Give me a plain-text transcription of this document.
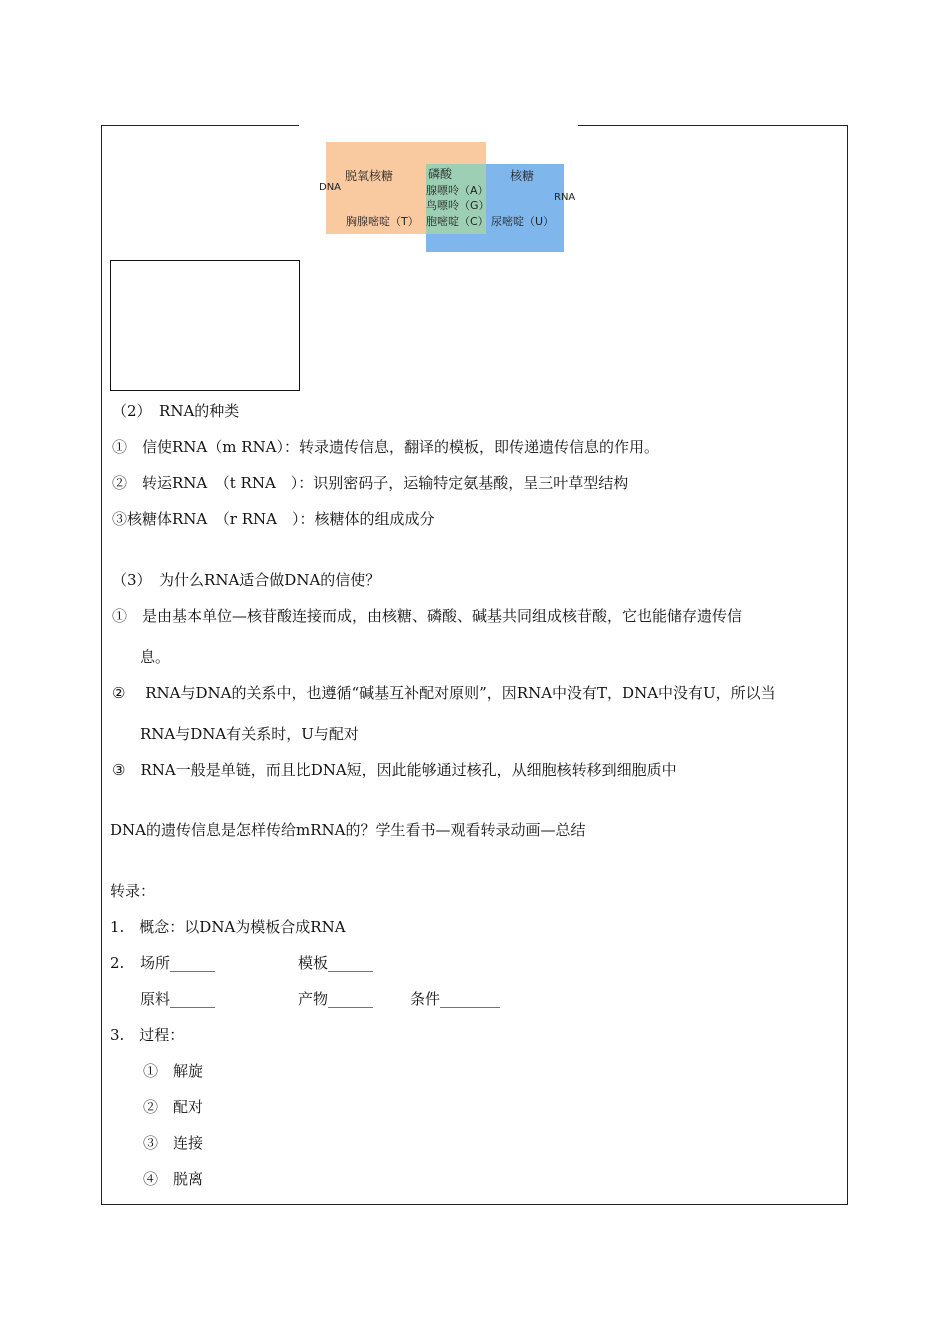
DNA
脱氧核糖	磷酸	核糖
腺嘌呤（A）
鸟嘌呤（G）
RNA
胸腺嘧啶（T） 胞嘧啶（C） 尿嘧啶（U）
（2）　RNA的种类
①　信使RNA（m RNA）：转录遗传信息，翻译的模板，即传递遗传信息的作用。
②　转运RNA　（t RNA　）：识别密码子，运输特定氨基酸，呈三叶草型结构
③核糖体RNA　（r RNA　）：核糖体的组成成分
（3）　为什么RNA适合做DNA的信使？
①　是由基本单位—核苷酸连接而成，由核糖、磷酸、碱基共同组成核苷酸，它也能储存遗传信
息。
②　 RNA与DNA的关系中，也遵循“碱基互补配对原则”，因RNA中没有T，DNA中没有U，所以当
RNA与DNA有关系时，U与配对
③　RNA一般是单链，而且比DNA短，因此能够通过核孔，从细胞核转移到细胞质中
DNA的遗传信息是怎样传给mRNA的？学生看书—观看转录动画—总结
转录：
1.　概念：以DNA为模板合成RNA
2. 场所______	模板______
原料______	产物______ 条件________
3.　过程：
①　解旋
②　配对
③　连接
④　脱离
